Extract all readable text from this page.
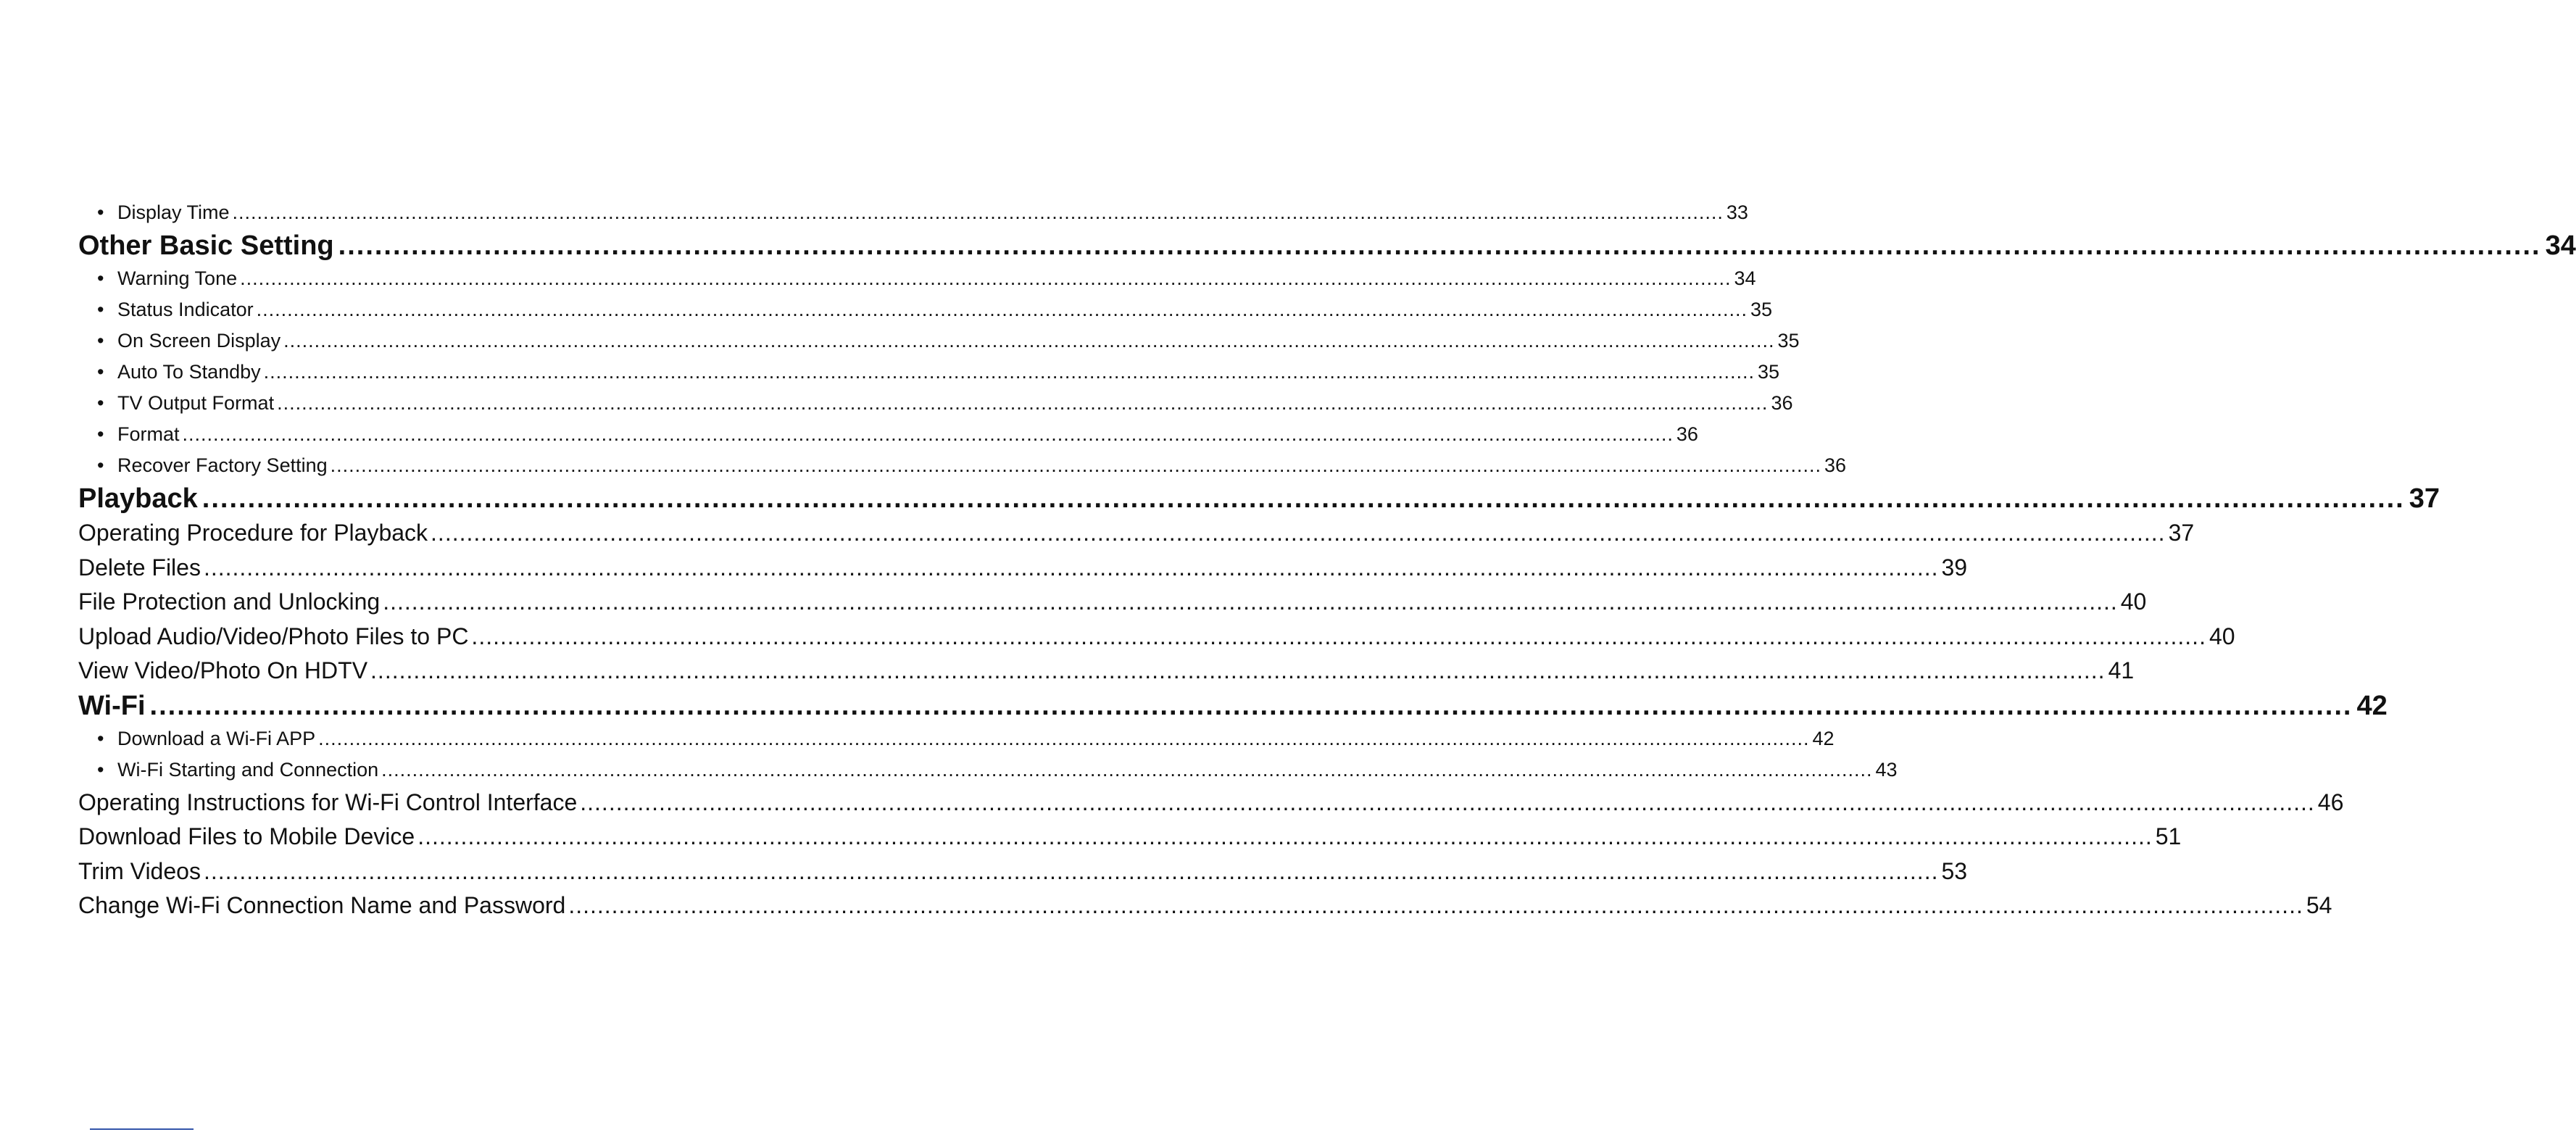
• Display Time .................................................................................................................................................................................................................................................. 33
Other Basic Setting .................................................................................................................................................................................................................................................. 34
• Warning Tone .................................................................................................................................................................................................................................................. 34
• Status Indicator .................................................................................................................................................................................................................................................. 35
• On Screen Display .................................................................................................................................................................................................................................................. 35
• Auto To Standby .................................................................................................................................................................................................................................................. 35
• TV Output Format .................................................................................................................................................................................................................................................. 36
• Format .................................................................................................................................................................................................................................................. 36
• Recover Factory Setting .................................................................................................................................................................................................................................................. 36
Playback .................................................................................................................................................................................................................................................. 37
Operating Procedure for Playback .................................................................................................................................................................................................................................................. 37
Delete Files .................................................................................................................................................................................................................................................. 39
File Protection and Unlocking .................................................................................................................................................................................................................................................. 40
Upload Audio/Video/Photo Files to PC .................................................................................................................................................................................................................................................. 40
View Video/Photo On HDTV .................................................................................................................................................................................................................................................. 41
Wi-Fi .................................................................................................................................................................................................................................................. 42
• Download a Wi-Fi APP .................................................................................................................................................................................................................................................. 42
• Wi-Fi Starting and Connection .................................................................................................................................................................................................................................................. 43
Operating Instructions for Wi-Fi Control Interface .................................................................................................................................................................................................................................................. 46
Download Files to Mobile Device .................................................................................................................................................................................................................................................. 51
Trim Videos .................................................................................................................................................................................................................................................. 53
Change Wi-Fi Connection Name and Password .................................................................................................................................................................................................................................................. 54
